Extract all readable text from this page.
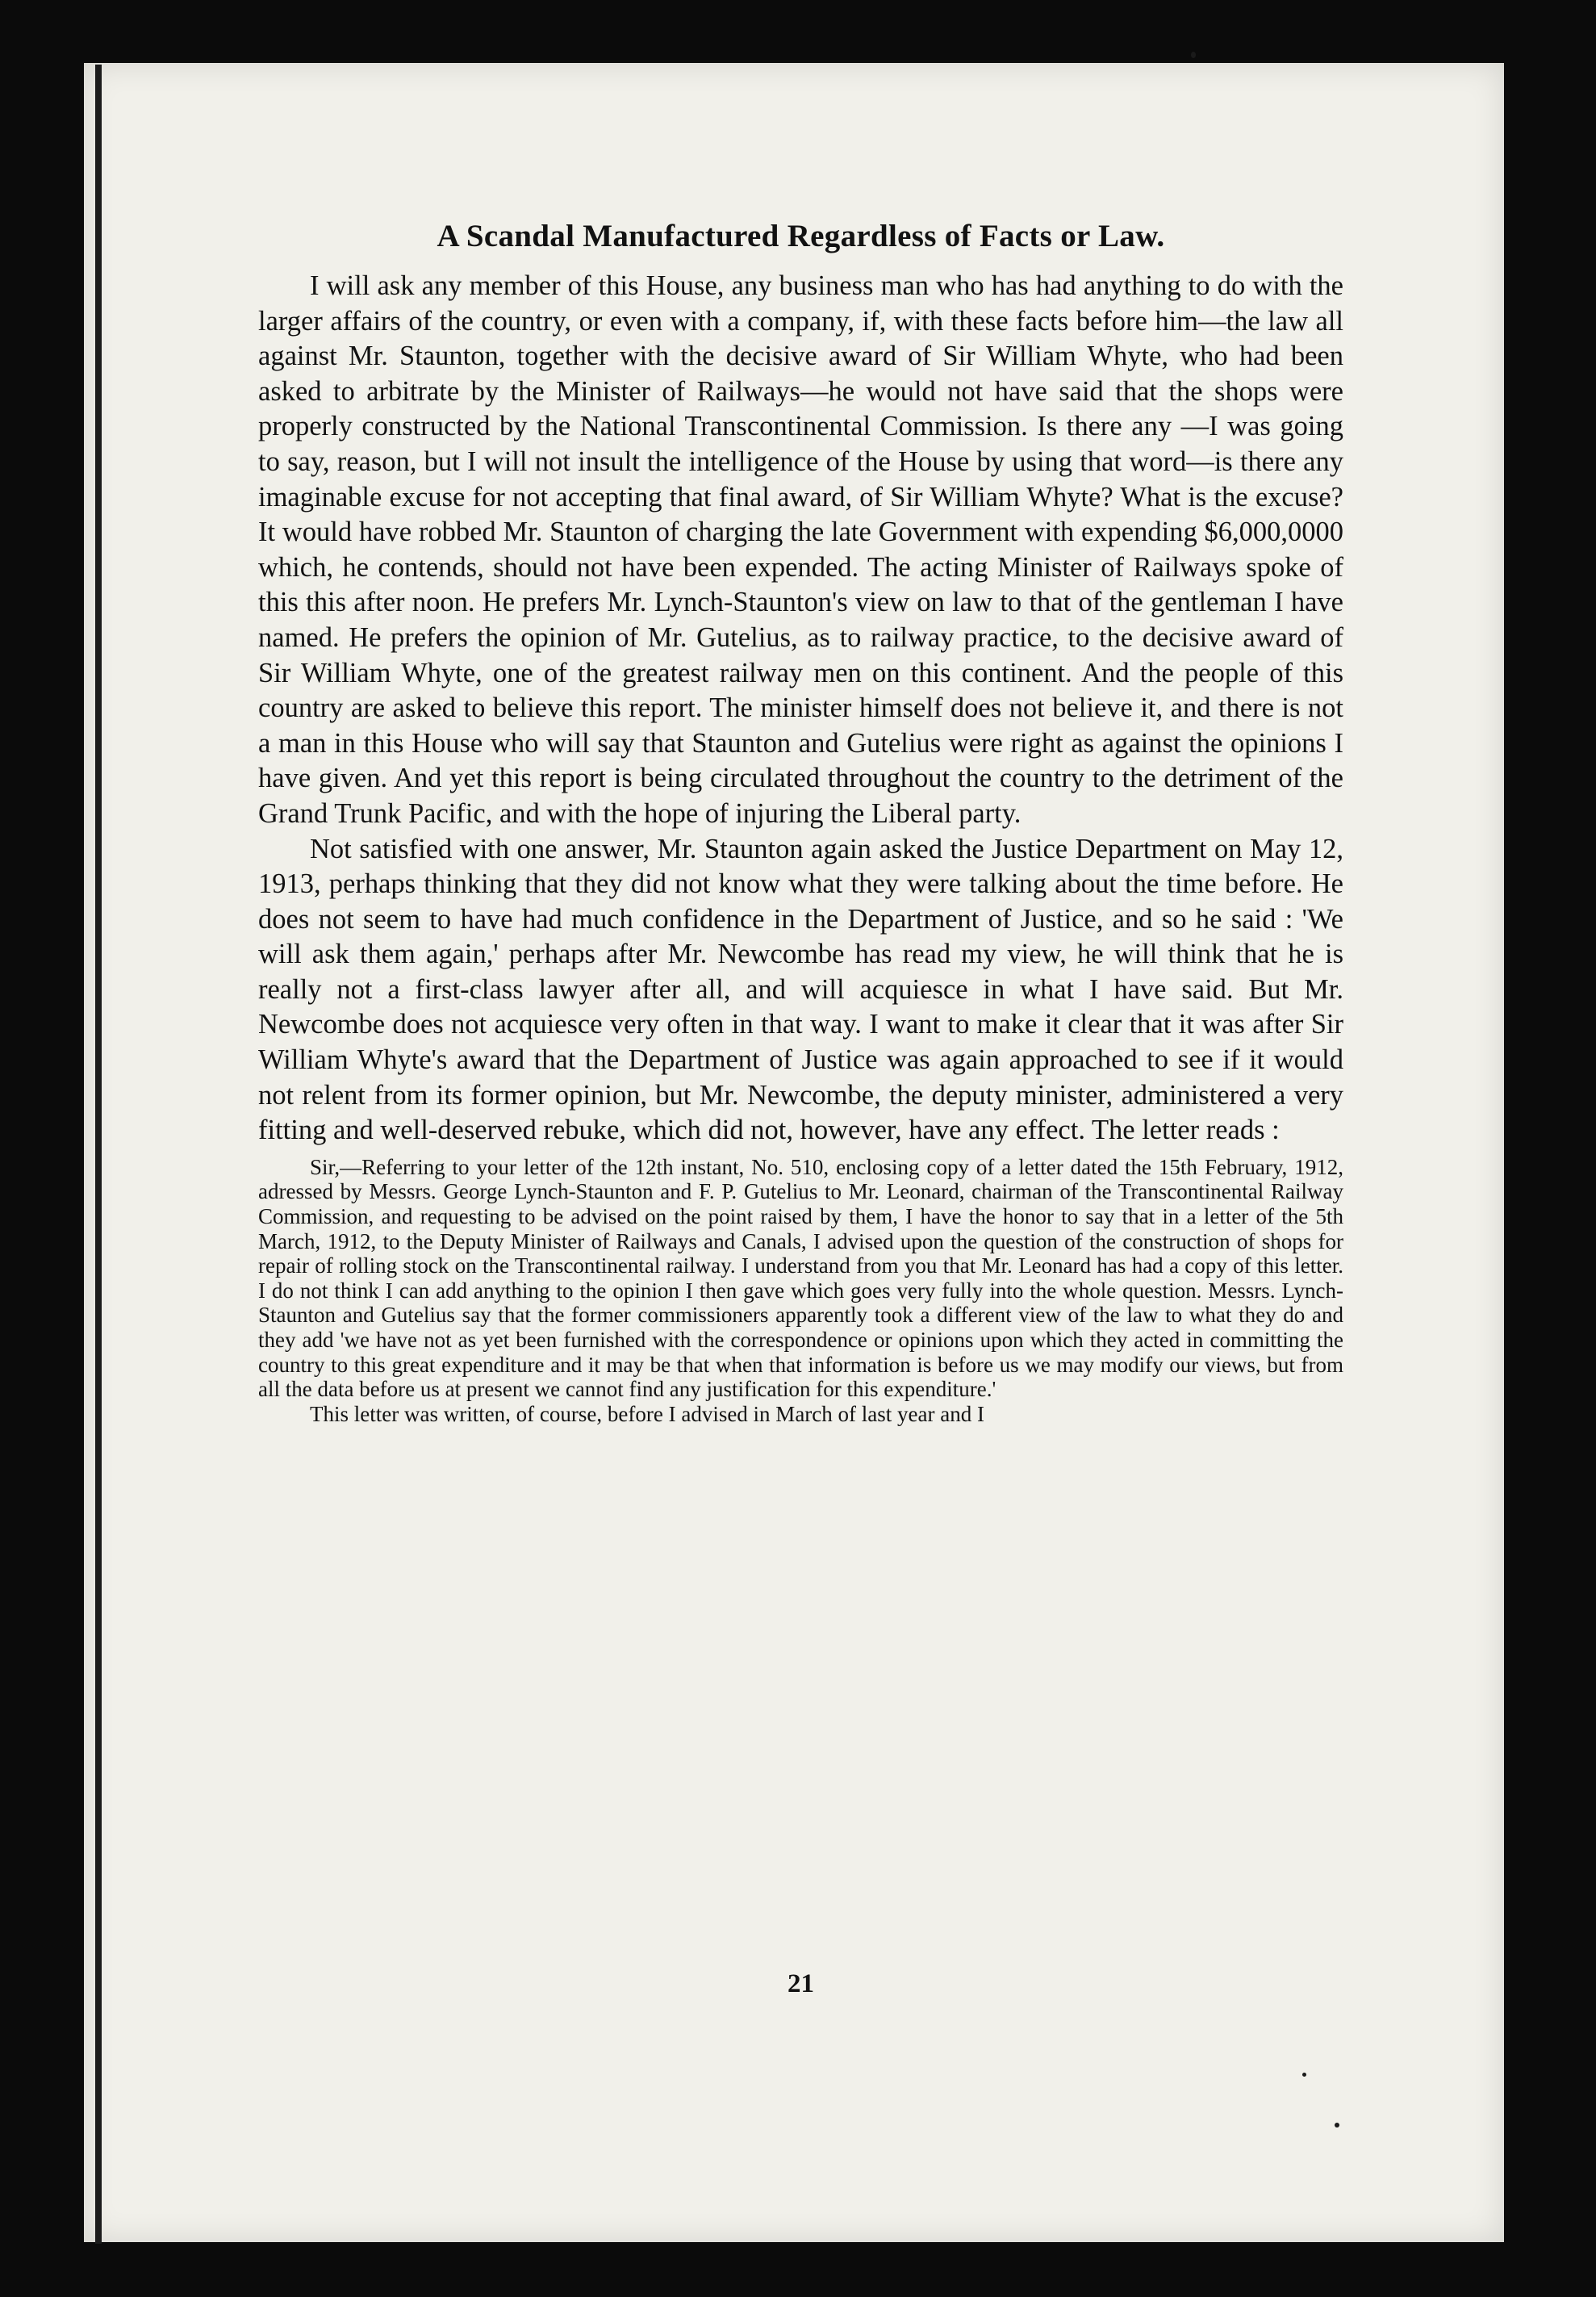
A Scandal Manufactured Regardless of Facts or Law.

I will ask any member of this House, any business man who has had anything to do with the larger affairs of the country, or even with a company, if, with these facts before him—the law all against Mr. Staunton, together with the decisive award of Sir William Whyte, who had been asked to arbitrate by the Minister of Railways—he would not have said that the shops were properly constructed by the National Transcontinental Commission. Is there any —I was going to say, reason, but I will not insult the intelligence of the House by using that word—is there any imaginable excuse for not accepting that final award, of Sir William Whyte? What is the excuse? It would have robbed Mr. Staunton of charging the late Government with expending $6,000,0000 which, he contends, should not have been expended. The acting Minister of Railways spoke of this this after noon. He prefers Mr. Lynch-Staunton's view on law to that of the gentleman I have named. He prefers the opinion of Mr. Gutelius, as to railway practice, to the decisive award of Sir William Whyte, one of the greatest railway men on this continent. And the people of this country are asked to believe this report. The minister himself does not believe it, and there is not a man in this House who will say that Staunton and Gutelius were right as against the opinions I have given. And yet this report is being circulated throughout the country to the detriment of the Grand Trunk Pacific, and with the hope of injuring the Liberal party.

Not satisfied with one answer, Mr. Staunton again asked the Justice Department on May 12, 1913, perhaps thinking that they did not know what they were talking about the time before. He does not seem to have had much confidence in the Department of Justice, and so he said : 'We will ask them again,' perhaps after Mr. Newcombe has read my view, he will think that he is really not a first-class lawyer after all, and will acquiesce in what I have said. But Mr. Newcombe does not acquiesce very often in that way. I want to make it clear that it was after Sir William Whyte's award that the Department of Justice was again approached to see if it would not relent from its former opinion, but Mr. Newcombe, the deputy minister, administered a very fitting and well-deserved rebuke, which did not, however, have any effect. The letter reads :

Sir,—Referring to your letter of the 12th instant, No. 510, enclosing copy of a letter dated the 15th February, 1912, adressed by Messrs. George Lynch-Staunton and F. P. Gutelius to Mr. Leonard, chairman of the Transcontinental Railway Commission, and requesting to be advised on the point raised by them, I have the honor to say that in a letter of the 5th March, 1912, to the Deputy Minister of Railways and Canals, I advised upon the question of the construction of shops for repair of rolling stock on the Transcontinental railway. I understand from you that Mr. Leonard has had a copy of this letter. I do not think I can add anything to the opinion I then gave which goes very fully into the whole question. Messrs. Lynch-Staunton and Gutelius say that the former commissioners apparently took a different view of the law to what they do and they add 'we have not as yet been furnished with the correspondence or opinions upon which they acted in committing the country to this great expenditure and it may be that when that information is before us we may modify our views, but from all the data before us at present we cannot find any justification for this expenditure.'

This letter was written, of course, before I advised in March of last year and I

21
